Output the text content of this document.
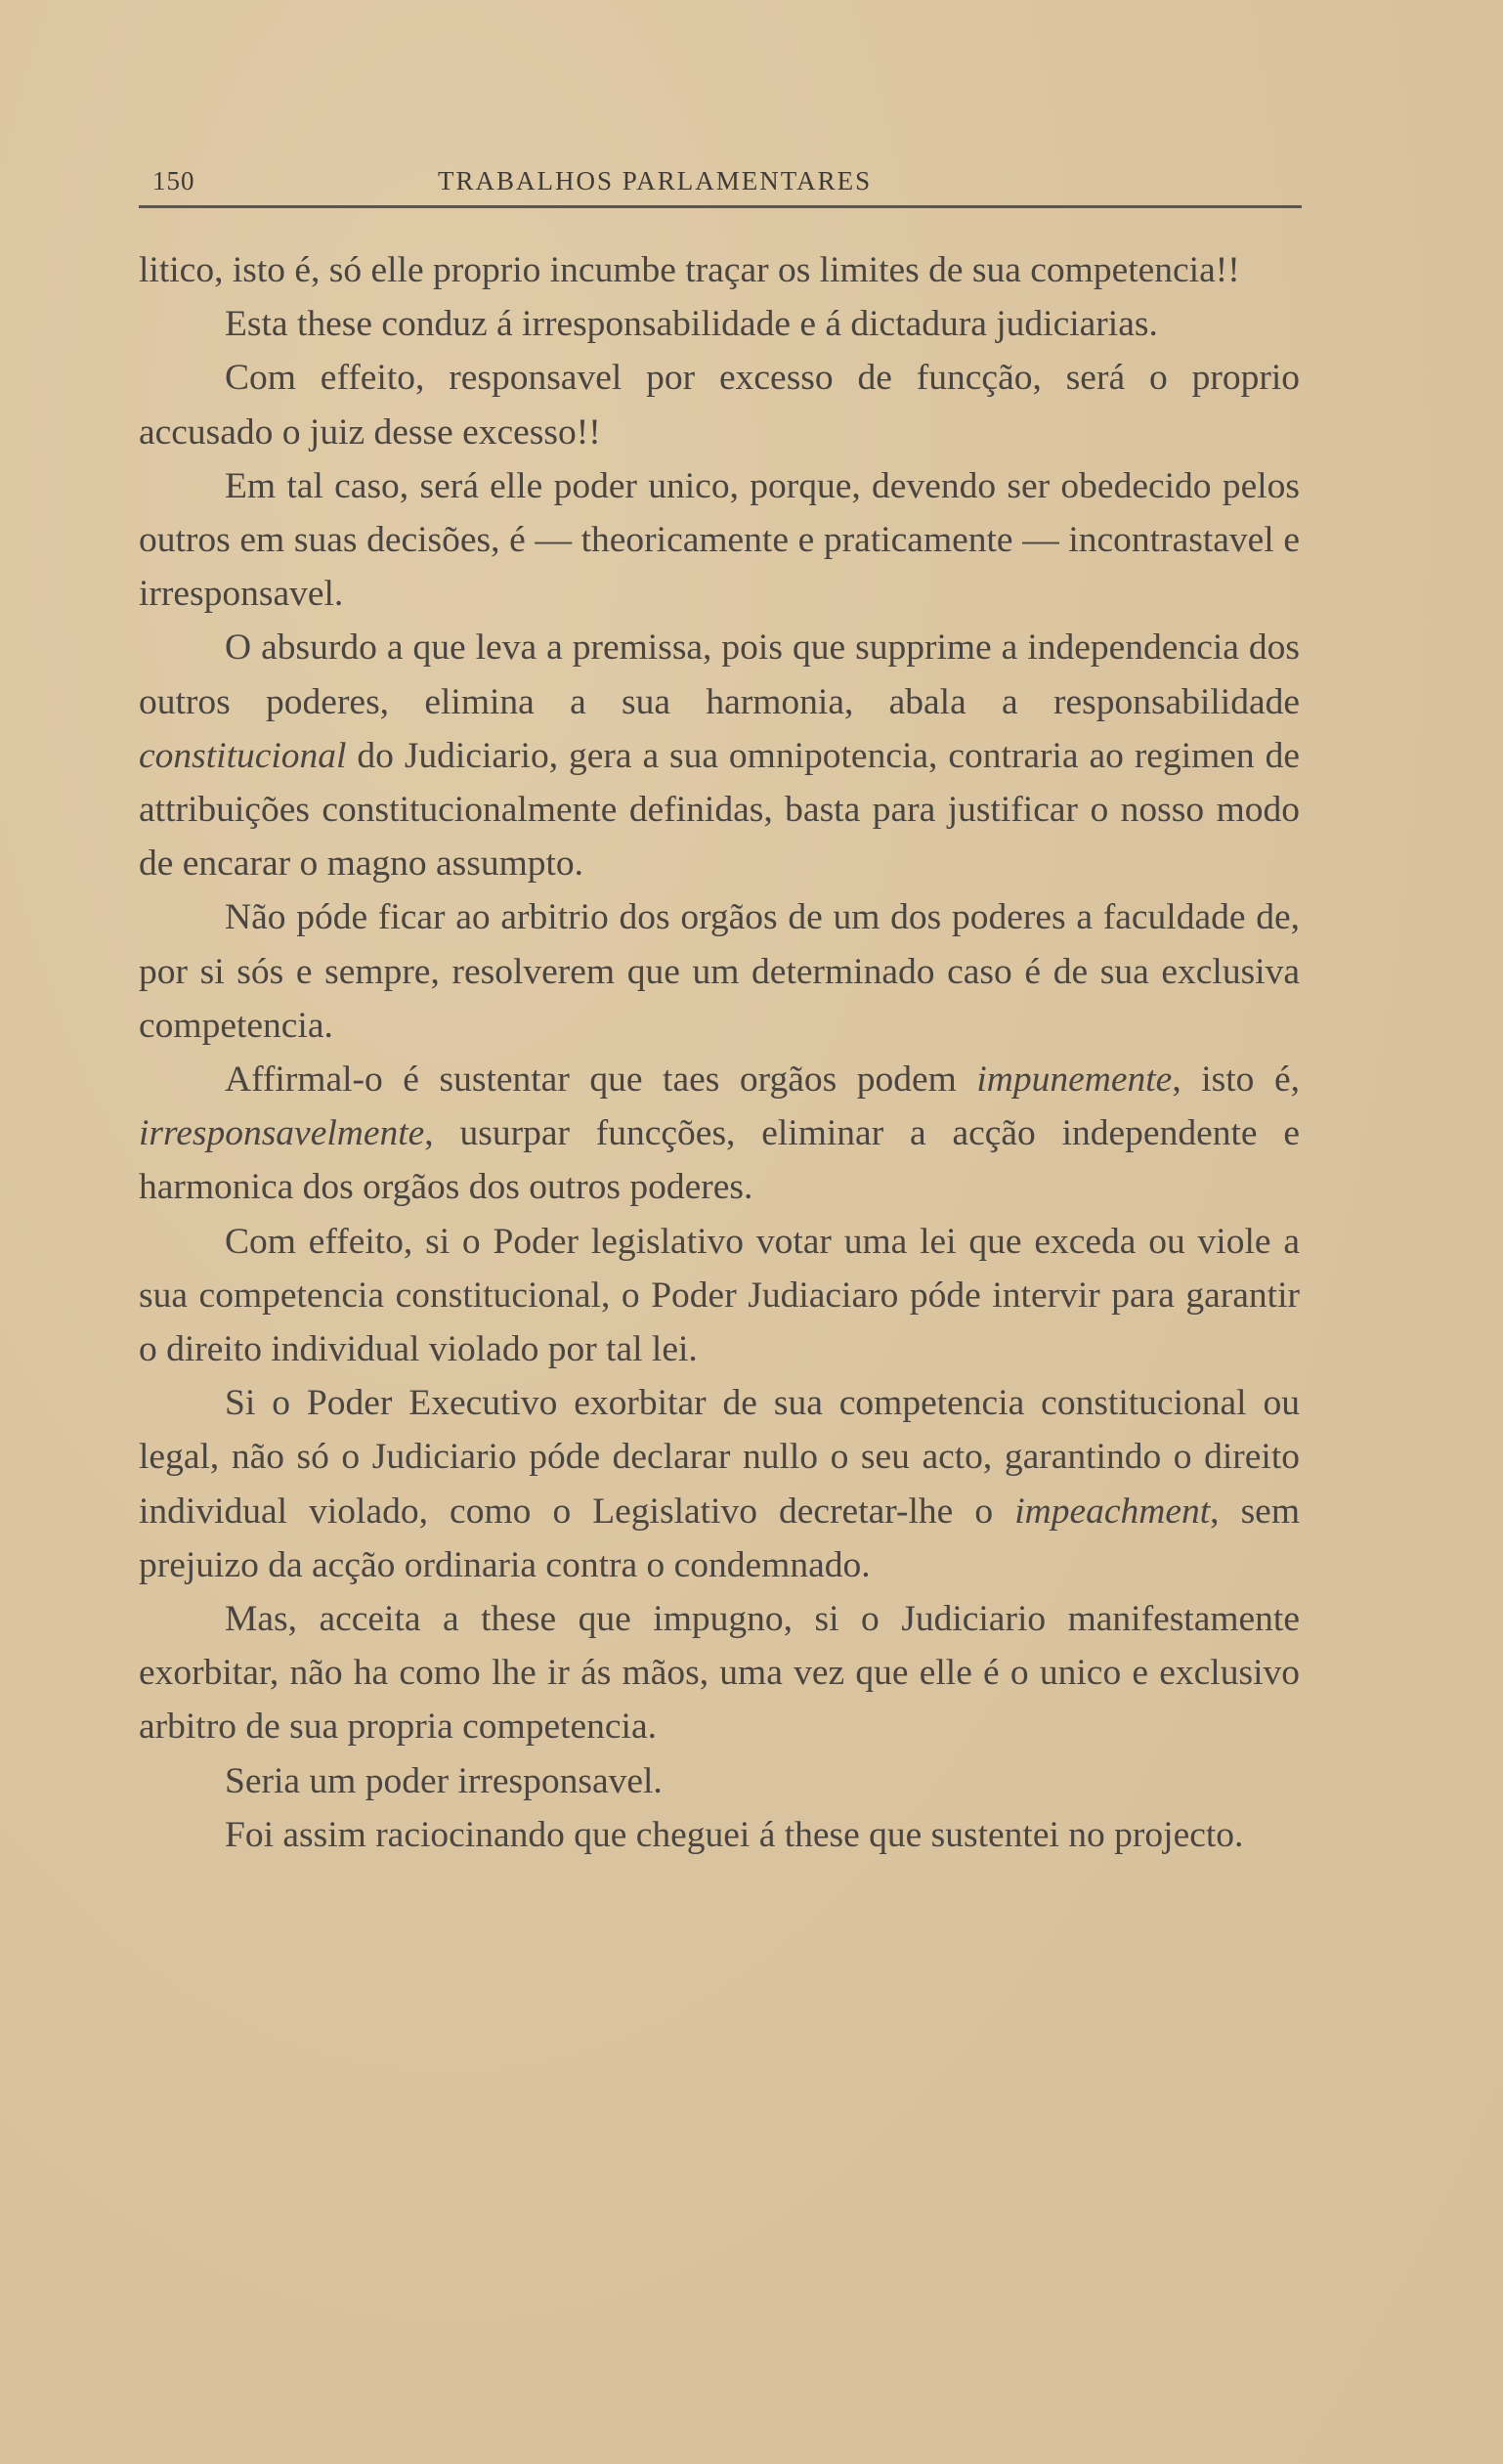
150	TRABALHOS PARLAMENTARES

litico, isto é, só elle proprio incumbe traçar os limites de sua competencia!!

Esta these conduz á irresponsabilidade e á dictadura judiciarias.

Com effeito, responsavel por excesso de funcção, será o proprio accusado o juiz desse excesso!!

Em tal caso, será elle poder unico, porque, devendo ser obedecido pelos outros em suas decisões, é — theoricamente e praticamente — incontrastavel e irresponsavel.

O absurdo a que leva a premissa, pois que supprime a independencia dos outros poderes, elimina a sua harmonia, abala a responsabilidade constitucional do Judiciario, gera a sua omnipotencia, contraria ao regimen de attribuições constitucionalmente definidas, basta para justificar o nosso modo de encarar o magno assumpto.

Não póde ficar ao arbitrio dos orgãos de um dos poderes a faculdade de, por si sós e sempre, resolverem que um determinado caso é de sua exclusiva competencia.

Affirmal-o é sustentar que taes orgãos podem impunemente, isto é, irresponsavelmente, usurpar funcções, eliminar a acção independente e harmonica dos orgãos dos outros poderes.

Com effeito, si o Poder legislativo votar uma lei que exceda ou viole a sua competencia constitucional, o Poder Judiaciaro póde intervir para garantir o direito individual violado por tal lei.

Si o Poder Executivo exorbitar de sua competencia constitucional ou legal, não só o Judiciario póde declarar nullo o seu acto, garantindo o direito individual violado, como o Legislativo decretar-lhe o impeachment, sem prejuizo da acção ordinaria contra o condemnado.

Mas, acceita a these que impugno, si o Judiciario manifestamente exorbitar, não ha como lhe ir ás mãos, uma vez que elle é o unico e exclusivo arbitro de sua propria competencia.

Seria um poder irresponsavel.

Foi assim raciocinando que cheguei á these que sustentei no projecto.
